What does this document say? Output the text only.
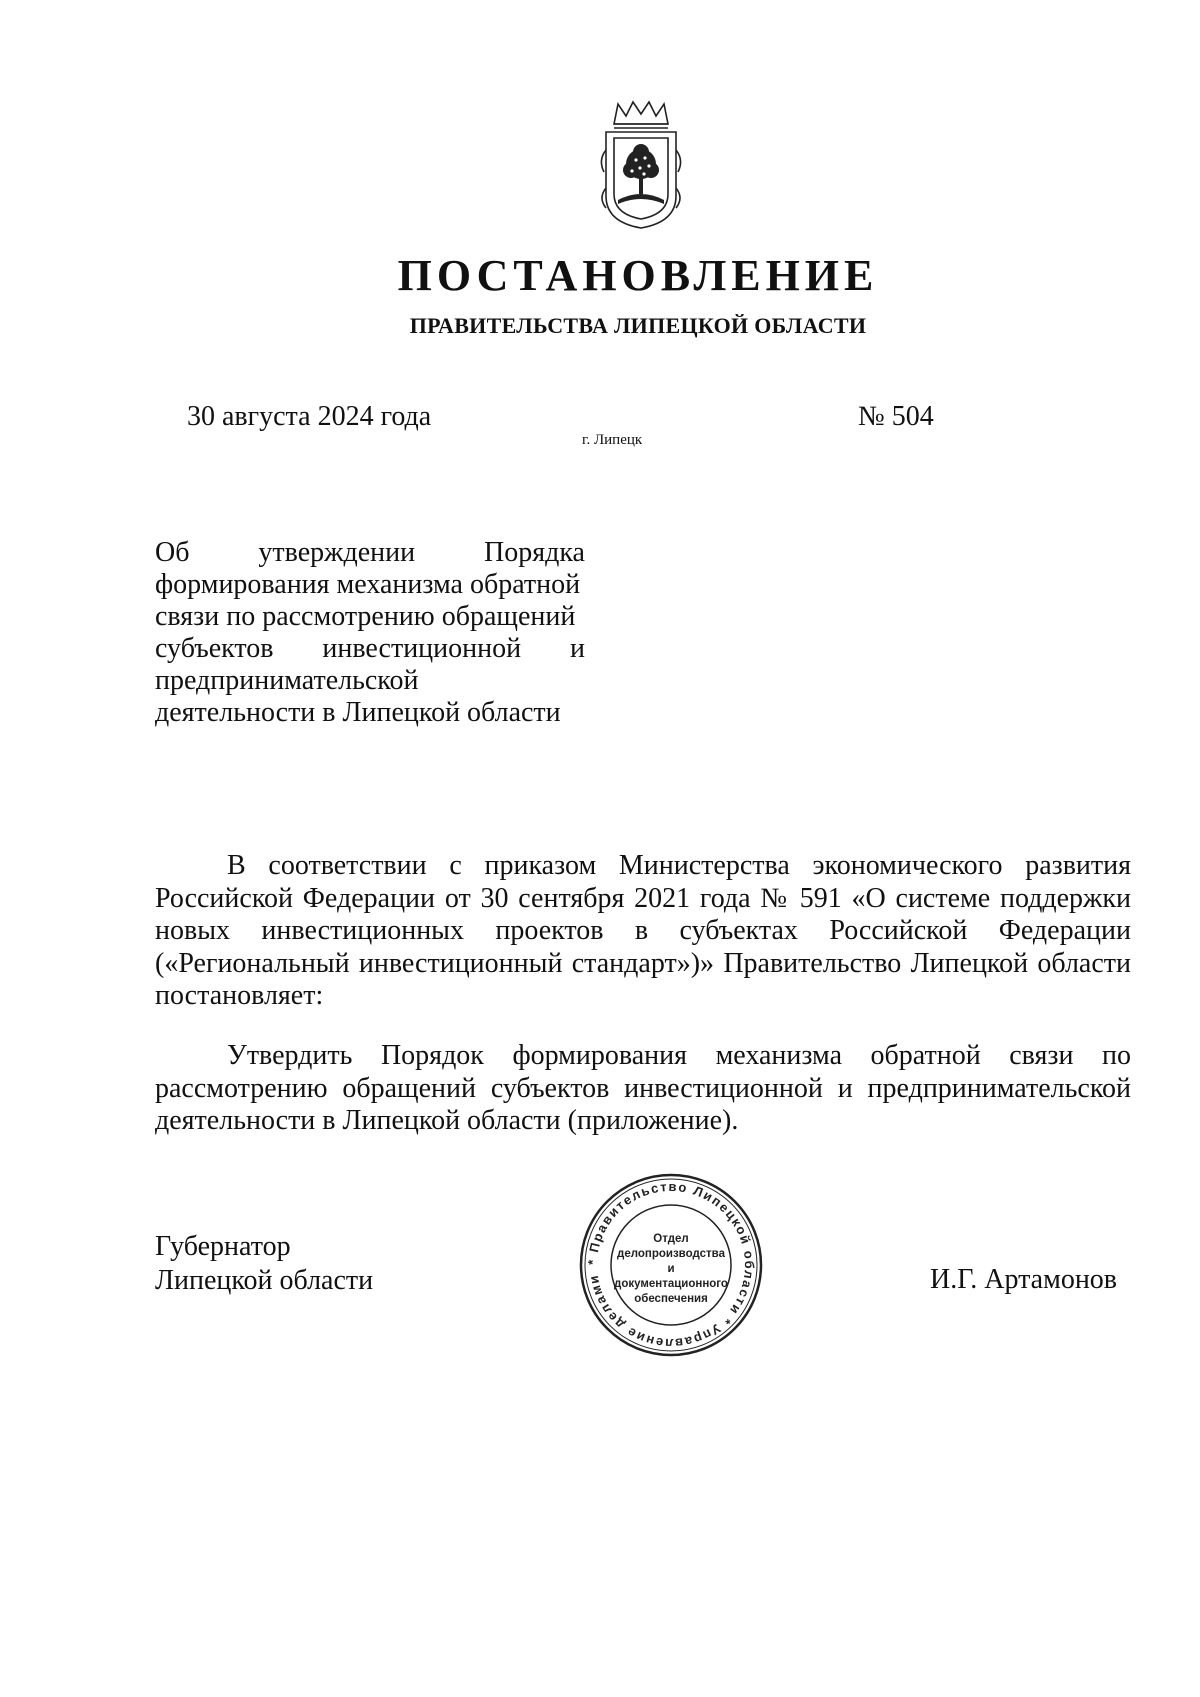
ПОСТАНОВЛЕНИЕ
ПРАВИТЕЛЬСТВА ЛИПЕЦКОЙ ОБЛАСТИ
30 августа 2024 года
г. Липецк
№ 504
Об утверждении Порядка
формирования механизма обратной
связи по рассмотрению обращений
субъектов инвестиционной и
предпринимательской
деятельности в Липецкой области
В соответствии с приказом Министерства экономического развития Российской Федерации от 30 сентября 2021 года № 591 «О системе поддержки новых инвестиционных проектов в субъектах Российской Федерации («Региональный инвестиционный стандарт»)» Правительство Липецкой области постановляет:
Утвердить Порядок формирования механизма обратной связи по рассмотрению обращений субъектов инвестиционной и предпринимательской деятельности в Липецкой области (приложение).
Губернатор
Липецкой области
* Правительство Липецкой области * Управление делами
Отдел
делопроизводства и
документационного
обеспечения
И.Г. Артамонов
